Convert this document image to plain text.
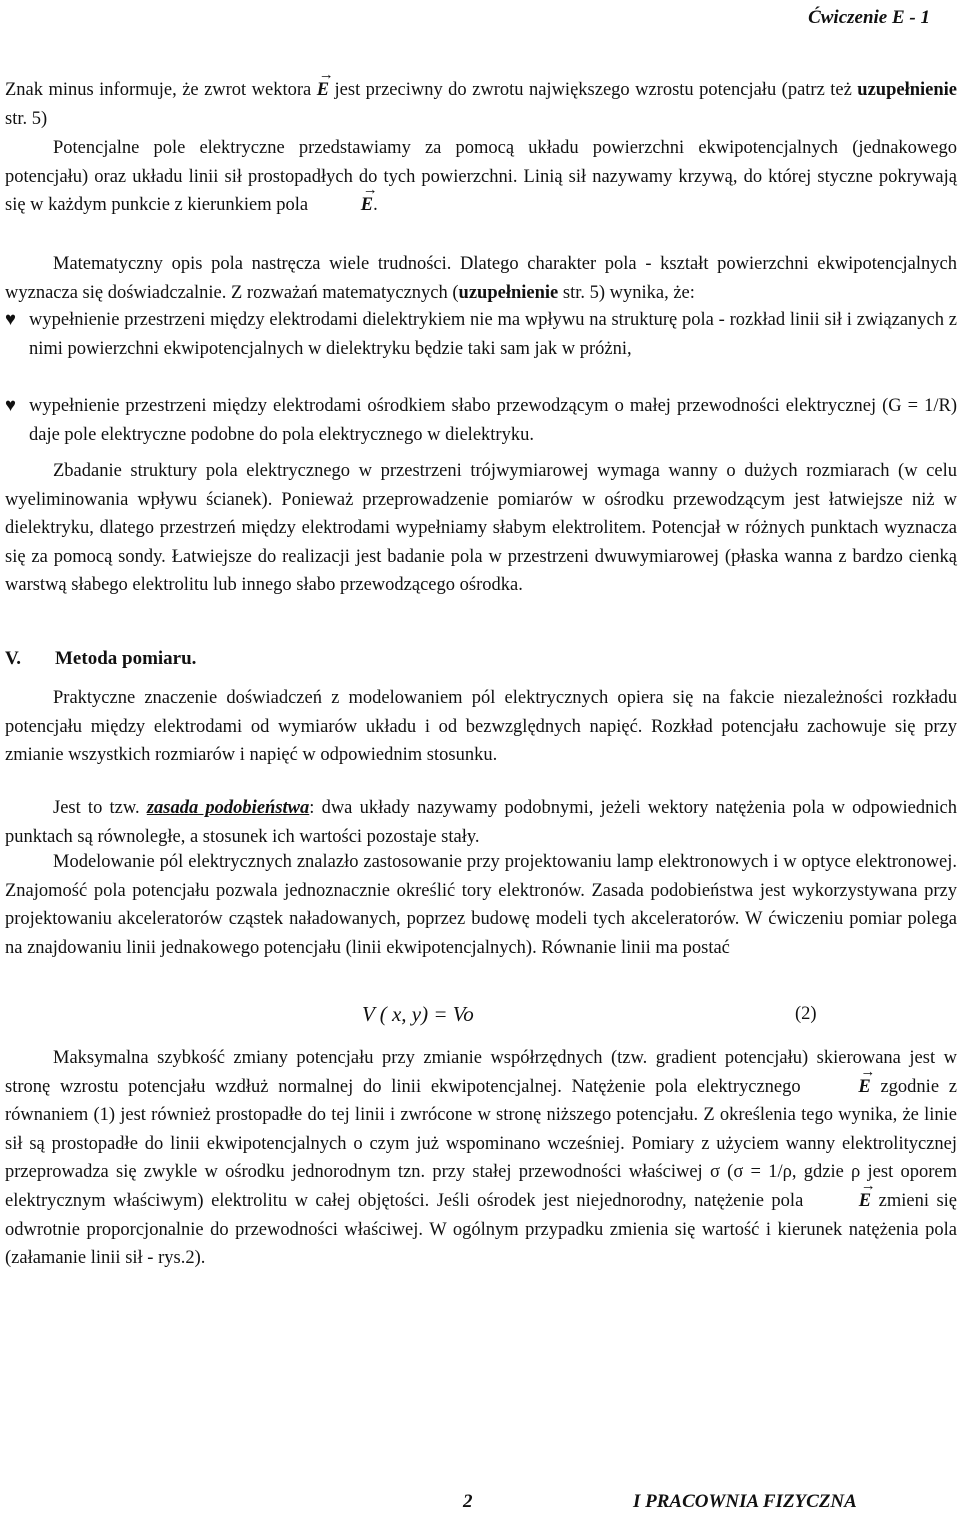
Ćwiczenie E - 1
Znak minus informuje, że zwrot wektora → E jest przeciwny do zwrotu największego wzrostu potencjału (patrz też uzupełnienie str. 5)
Potencjalne pole elektryczne przedstawiamy za pomocą układu powierzchni ekwipotencjalnych (jednakowego potencjału) oraz układu linii sił prostopadłych do tych powierzchni. Linią sił nazywamy krzywą, do której styczne pokrywają się w każdym punkcie z kierunkiem pola	→ E.
Matematyczny opis pola nastręcza wiele trudności. Dlatego charakter pola - kształt powierzchni ekwipotencjalnych wyznacza się doświadczalnie. Z rozważań matematycznych (uzupełnienie str. 5) wynika, że:
♥ wypełnienie przestrzeni między elektrodami dielektrykiem nie ma wpływu na strukturę pola - rozkład linii sił i związanych z nimi powierzchni ekwipotencjalnych w dielektryku będzie taki sam jak w próżni,
♥ wypełnienie przestrzeni między elektrodami ośrodkiem słabo przewodzącym o małej przewodności elektrycznej (G = 1/R) daje pole elektryczne podobne do pola elektrycznego w dielektryku.
Zbadanie struktury pola elektrycznego w przestrzeni trójwymiarowej wymaga wanny o dużych rozmiarach (w celu wyeliminowania wpływu ścianek). Ponieważ przeprowadzenie pomiarów w ośrodku przewodzącym jest łatwiejsze niż w dielektryku, dlatego przestrzeń między elektrodami wypełniamy słabym elektrolitem. Potencjał w różnych punktach wyznacza się za pomocą sondy. Łatwiejsze do realizacji jest badanie pola w przestrzeni dwuwymiarowej (płaska wanna z bardzo cienką warstwą słabego elektrolitu lub innego słabo przewodzącego ośrodka.
V. Metoda pomiaru.
Praktyczne znaczenie doświadczeń z modelowaniem pól elektrycznych opiera się na fakcie niezależności rozkładu potencjału między elektrodami od wymiarów układu i od bezwzględnych napięć. Rozkład potencjału zachowuje się przy zmianie wszystkich rozmiarów i napięć w odpowiednim stosunku.
Jest to tzw. zasada podobieństwa: dwa układy nazywamy podobnymi, jeżeli wektory natężenia pola w odpowiednich punktach są równoległe, a stosunek ich wartości pozostaje stały.
Modelowanie pól elektrycznych znalazło zastosowanie przy projektowaniu lamp elektronowych i w optyce elektronowej. Znajomość pola potencjału pozwala jednoznacznie określić tory elektronów. Zasada podobieństwa jest wykorzystywana przy projektowaniu akceleratorów cząstek naładowanych, poprzez budowę modeli tych akceleratorów. W ćwiczeniu pomiar polega na znajdowaniu linii jednakowego potencjału (linii ekwipotencjalnych). Równanie linii ma postać
V ( x, y) = Vo	(2)
Maksymalna szybkość zmiany potencjału przy zmianie współrzędnych (tzw. gradient potencjału) skierowana jest w stronę wzrostu potencjału wzdłuż normalnej do linii ekwipotencjalnej. Natężenie pola elektrycznego	→ E zgodnie z równaniem (1) jest również prostopadłe do tej linii i zwrócone w stronę niższego potencjału. Z określenia tego wynika, że linie sił są prostopadłe do linii ekwipotencjalnych o czym już wspominano wcześniej. Pomiary z użyciem wanny elektrolitycznej przeprowadza się zwykle w ośrodku jednorodnym tzn. przy stałej przewodności właściwej σ (σ = 1/ρ, gdzie ρ jest oporem elektrycznym właściwym) elektrolitu w całej objętości. Jeśli ośrodek jest niejednorodny, natężenie pola	→ E zmieni się odwrotnie proporcjonalnie do przewodności właściwej. W ogólnym przypadku zmienia się wartość i kierunek natężenia pola (załamanie linii sił - rys.2).
2	I PRACOWNIA FIZYCZNA
